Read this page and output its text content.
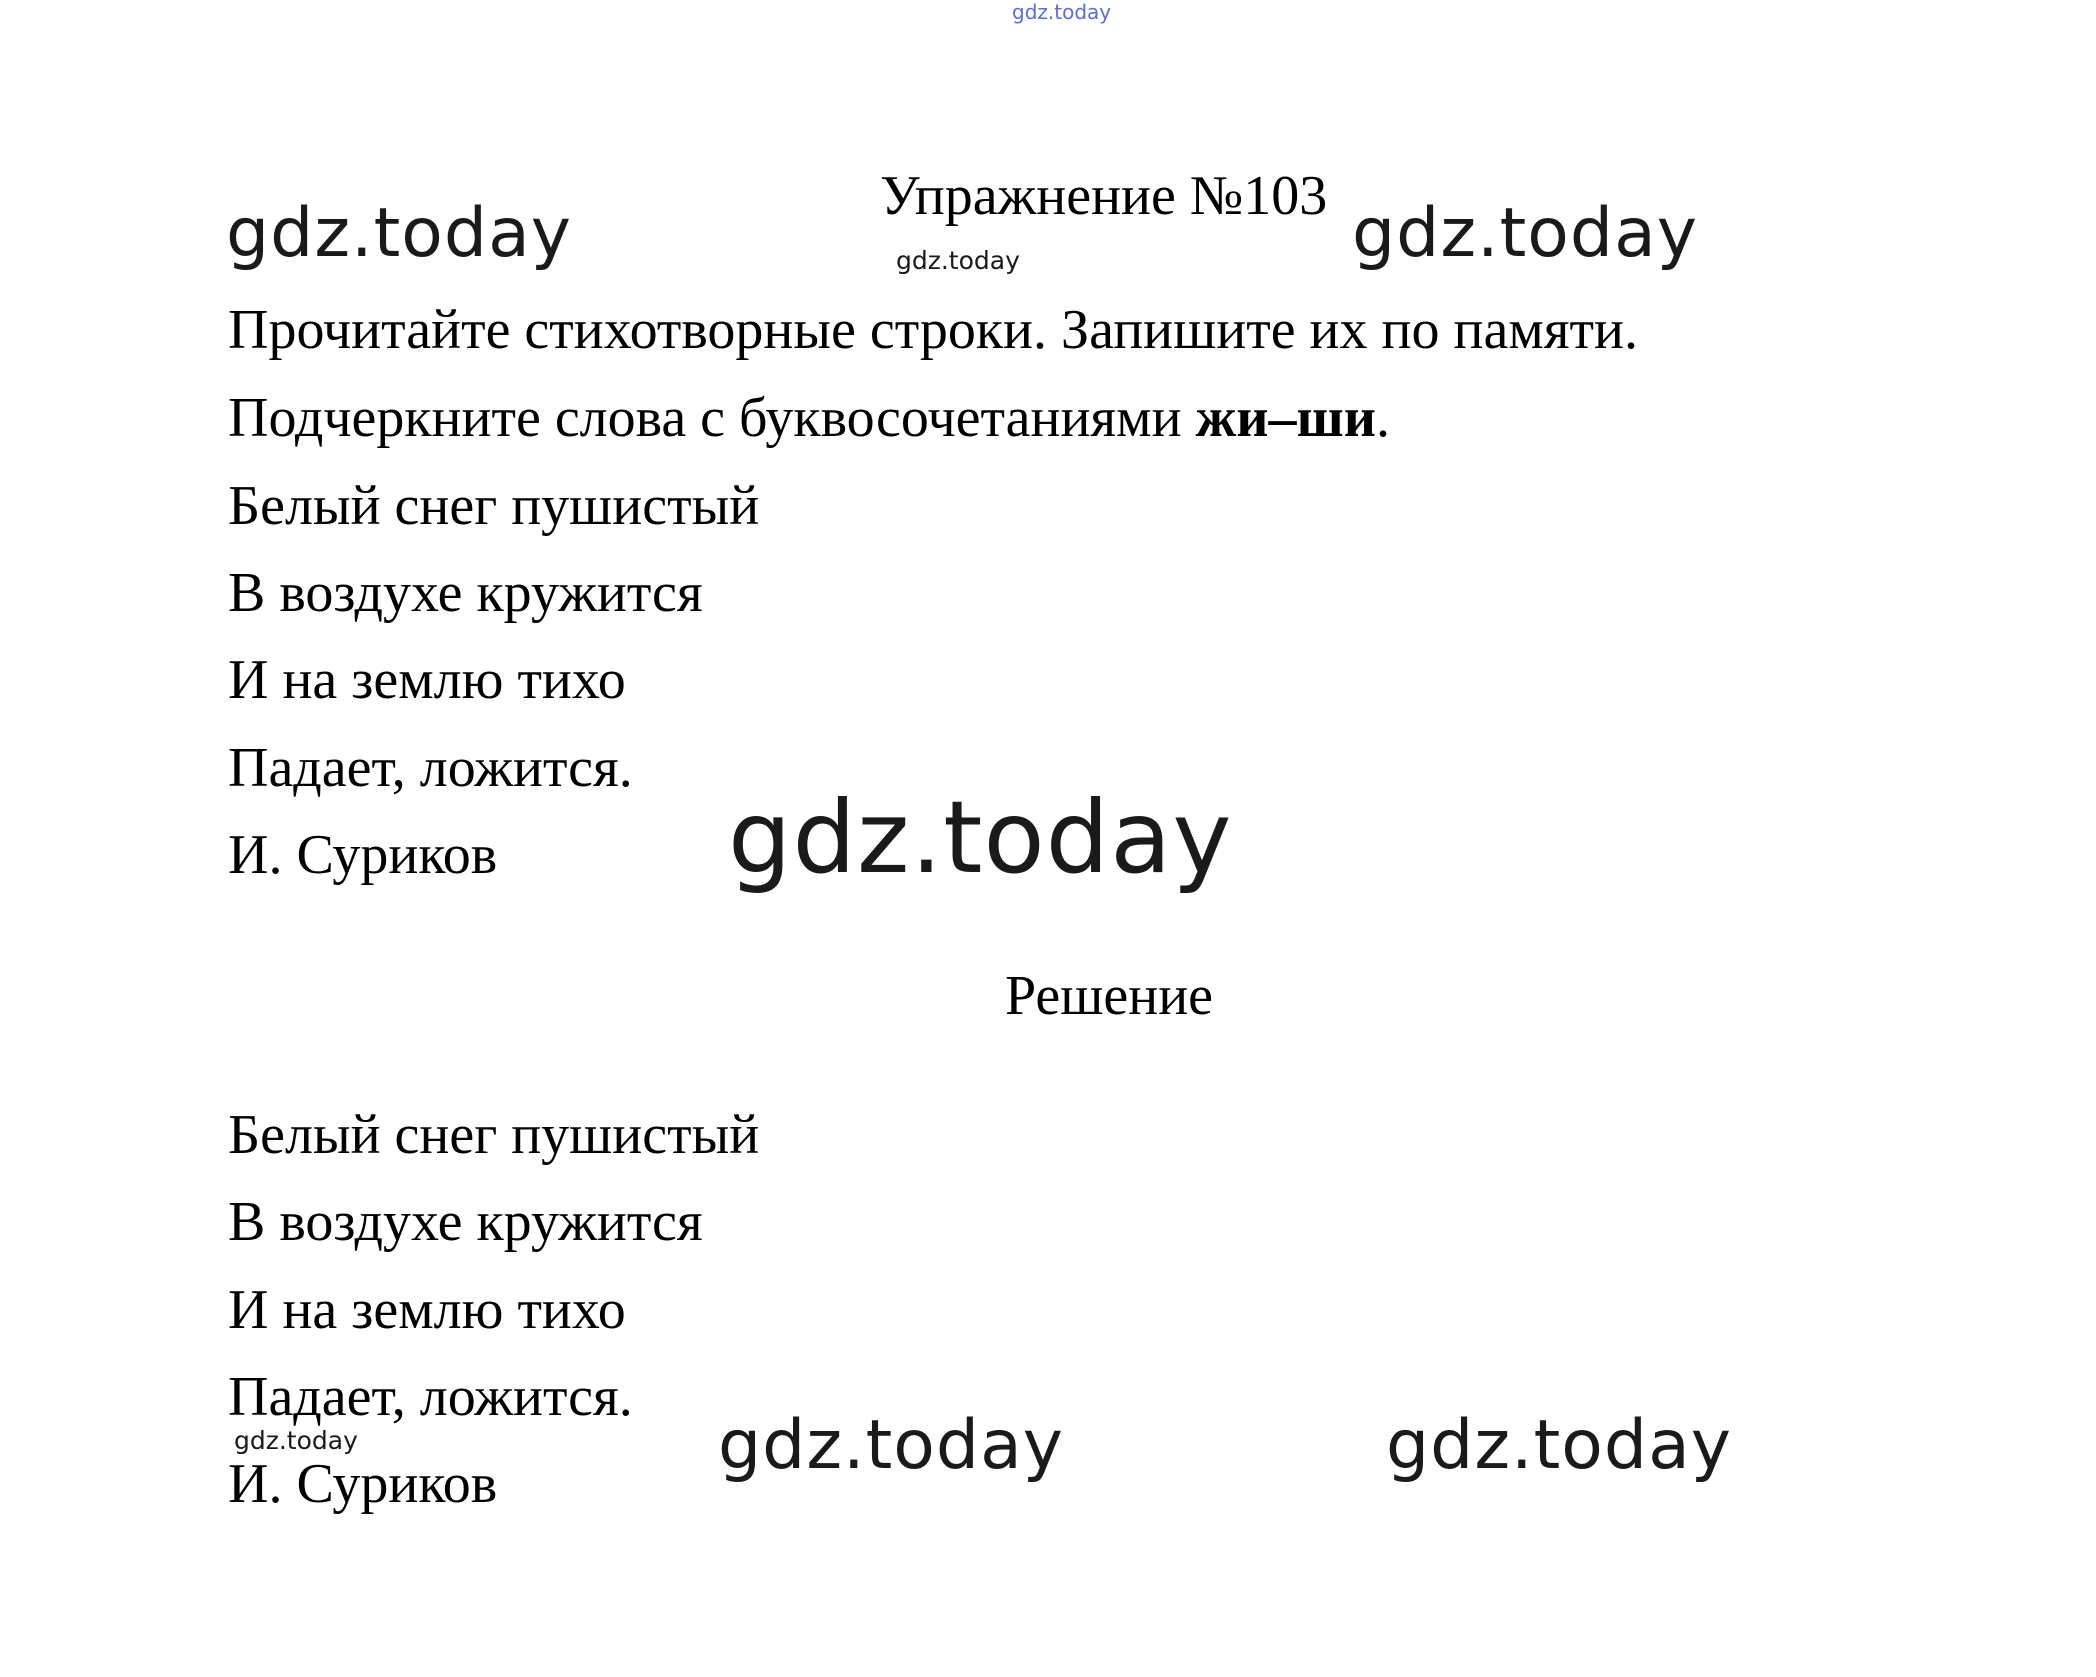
gdz.today
gdz.today	gdz.today	gdz.today
gdz.today
gdz.today	gdz.today	gdz.today
Упражнение №103
Прочитайте стихотворные строки. Запишите их по памяти.
Подчеркните слова с буквосочетаниями жи–ши.
Белый снег пушистый
В воздухе кружится
И на землю тихо
Падает, ложится.
И. Суриков
Решение
Белый снег пушистый
В воздухе кружится
И на землю тихо
Падает, ложится.
И. Суриков
